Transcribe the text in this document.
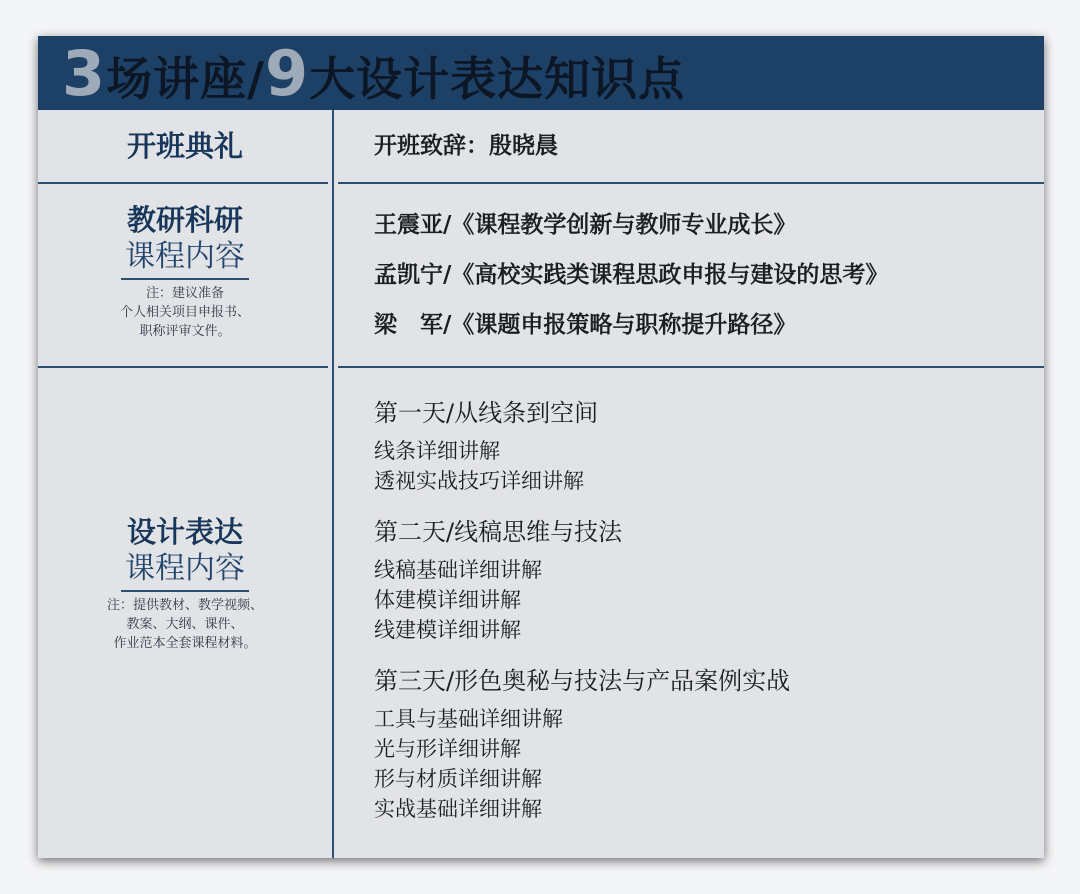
3场讲座/9大设计表达知识点
开班典礼	开班致辞：殷晓晨
教研科研
课程内容
注：建议准备
个人相关项目申报书、
职称评审文件。
王震亚/《课程教学创新与教师专业成长》
孟凯宁/《高校实践类课程思政申报与建设的思考》
梁　军/《课题申报策略与职称提升路径》
设计表达
课程内容
注：提供教材、教学视频、
教案、大纲、课件、
作业范本全套课程材料。
第一天/从线条到空间
线条详细讲解
透视实战技巧详细讲解
第二天/线稿思维与技法
线稿基础详细讲解
体建模详细讲解
线建模详细讲解
第三天/形色奥秘与技法与产品案例实战
工具与基础详细讲解
光与形详细讲解
形与材质详细讲解
实战基础详细讲解
